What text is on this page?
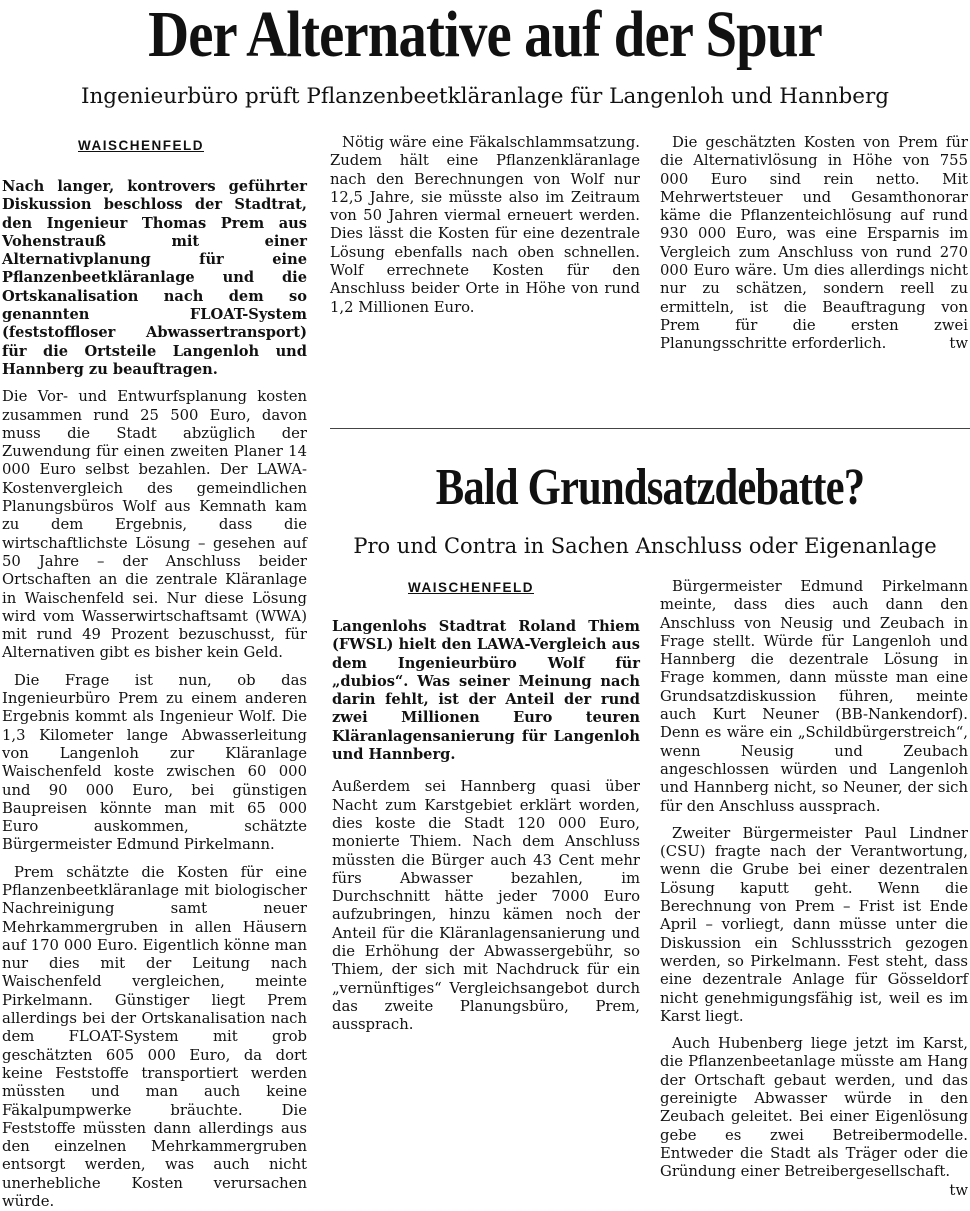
Der Alternative auf der Spur

Ingenieurbüro prüft Pflanzenbeetkläranlage für Langenloh und Hannberg

WAISCHENFELD

Nach langer, kontrovers geführter Diskussion beschloss der Stadtrat, den Ingenieur Thomas Prem aus Vohenstrauß mit einer Alternativplanung für eine Pflanzenbeetkläranlage und die Ortskanalisation nach dem so genannten FLOAT-System (feststoffloser Abwassertransport) für die Ortsteile Langenloh und Hannberg zu beauftragen.

Die Vor- und Entwurfsplanung kosten zusammen rund 25 500 Euro, davon muss die Stadt abzüglich der Zuwendung für einen zweiten Planer 14 000 Euro selbst bezahlen. Der LAWA-Kostenvergleich des gemeindlichen Planungsbüros Wolf aus Kemnath kam zu dem Ergebnis, dass die wirtschaftlichste Lösung – gesehen auf 50 Jahre – der Anschluss beider Ortschaften an die zentrale Kläranlage in Waischenfeld sei. Nur diese Lösung wird vom Wasserwirtschaftsamt (WWA) mit rund 49 Prozent bezuschusst, für Alternativen gibt es bisher kein Geld.

Die Frage ist nun, ob das Ingenieurbüro Prem zu einem anderen Ergebnis kommt als Ingenieur Wolf. Die 1,3 Kilometer lange Abwasserleitung von Langenloh zur Kläranlage Waischenfeld koste zwischen 60 000 und 90 000 Euro, bei günstigen Baupreisen könnte man mit 65 000 Euro auskommen, schätzte Bürgermeister Edmund Pirkelmann.

Prem schätzte die Kosten für eine Pflanzenbeetkläranlage mit biologischer Nachreinigung samt neuer Mehrkammergruben in allen Häusern auf 170 000 Euro. Eigentlich könne man nur dies mit der Leitung nach Waischenfeld vergleichen, meinte Pirkelmann. Günstiger liegt Prem allerdings bei der Ortskanalisation nach dem FLOAT-System mit grob geschätzten 605 000 Euro, da dort keine Feststoffe transportiert werden müssten und man auch keine Fäkalpumpwerke bräuchte. Die Feststoffe müssten dann allerdings aus den einzelnen Mehrkammergruben entsorgt werden, was auch nicht unerhebliche Kosten verursachen würde.

Nötig wäre eine Fäkalschlammsatzung. Zudem hält eine Pflanzenkläranlage nach den Berechnungen von Wolf nur 12,5 Jahre, sie müsste also im Zeitraum von 50 Jahren viermal erneuert werden. Dies lässt die Kosten für eine dezentrale Lösung ebenfalls nach oben schnellen. Wolf errechnete Kosten für den Anschluss beider Orte in Höhe von rund 1,2 Millionen Euro.

Die geschätzten Kosten von Prem für die Alternativlösung in Höhe von 755 000 Euro sind rein netto. Mit Mehrwertsteuer und Gesamthonorar käme die Pflanzenteichlösung auf rund 930 000 Euro, was eine Ersparnis im Vergleich zum Anschluss von rund 270 000 Euro wäre. Um dies allerdings nicht nur zu schätzen, sondern reell zu ermitteln, ist die Beauftragung von Prem für die ersten zwei Planungsschritte erforderlich.	tw

Bald Grundsatzdebatte?

Pro und Contra in Sachen Anschluss oder Eigenanlage

WAISCHENFELD

Langenlohs Stadtrat Roland Thiem (FWSL) hielt den LAWA-Vergleich aus dem Ingenieurbüro Wolf für „dubios“. Was seiner Meinung nach darin fehlt, ist der Anteil der rund zwei Millionen Euro teuren Kläranlagensanierung für Langenloh und Hannberg.

Außerdem sei Hannberg quasi über Nacht zum Karstgebiet erklärt worden, dies koste die Stadt 120 000 Euro, monierte Thiem. Nach dem Anschluss müssten die Bürger auch 43 Cent mehr fürs Abwasser bezahlen, im Durchschnitt hätte jeder 7000 Euro aufzubringen, hinzu kämen noch der Anteil für die Kläranlagensanierung und die Erhöhung der Abwassergebühr, so Thiem, der sich mit Nachdruck für ein „vernünftiges“ Vergleichsangebot durch das zweite Planungsbüro, Prem, aussprach.

Bürgermeister Edmund Pirkelmann meinte, dass dies auch dann den Anschluss von Neusig und Zeubach in Frage stellt. Würde für Langenloh und Hannberg die dezentrale Lösung in Frage kommen, dann müsste man eine Grundsatzdiskussion führen, meinte auch Kurt Neuner (BB-Nankendorf). Denn es wäre ein „Schildbürgerstreich“, wenn Neusig und Zeubach angeschlossen würden und Langenloh und Hannberg nicht, so Neuner, der sich für den Anschluss aussprach.

Zweiter Bürgermeister Paul Lindner (CSU) fragte nach der Verantwortung, wenn die Grube bei einer dezentralen Lösung kaputt geht. Wenn die Berechnung von Prem – Frist ist Ende April – vorliegt, dann müsse unter die Diskussion ein Schlussstrich gezogen werden, so Pirkelmann. Fest steht, dass eine dezentrale Anlage für Gösseldorf nicht genehmigungsfähig ist, weil es im Karst liegt.

Auch Hubenberg liege jetzt im Karst, die Pflanzenbeetanlage müsste am Hang der Ortschaft gebaut werden, und das gereinigte Abwasser würde in den Zeubach geleitet. Bei einer Eigenlösung gebe es zwei Betreibermodelle. Entweder die Stadt als Träger oder die Gründung einer Betreibergesellschaft.
tw
